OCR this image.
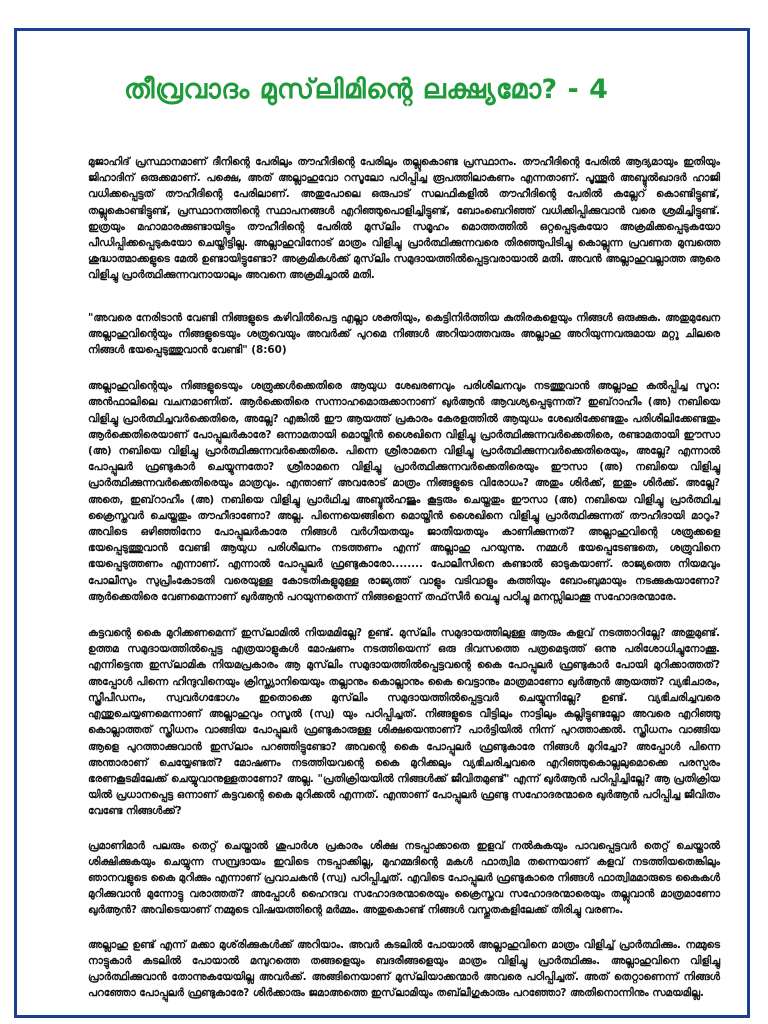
തീവ്രവാദം മുസ്‌ലിമിന്റെ ലക്ഷ്യമോ? - 4

മുജാഹിദ് പ്രസ്ഥാനമാണ് ദീനിന്റെ പേരിലും തൗഹീദിന്റെ പേരിലും തല്ലുകൊണ്ട പ്രസ്ഥാനം. തൗഹീദിന്റെ പേരിൽ ആദ്യമായും ഇതിയും ജിഹാദിന് ഒരുക്കമാണ്. പക്ഷെ, അത് അല്ലാഹുവോ റസൂലോ പഠിപ്പിച്ച രൂപത്തിലാകണം എന്നതാണ്. പൂന്തൂർ അബ്ദുൽഖാദർ ഹാജി വധിക്കപ്പെട്ടത് തൗഹീദിന്റെ പേരിലാണ്. അതുപോലെ ഒരുപാട് സലഫികളിൽ തൗഹീദിന്റെ പേരിൽ കല്ലേറ് കൊണ്ടിട്ടുണ്ട്, തല്ലുകൊണ്ടിട്ടുണ്ട്, പ്രസ്ഥാനത്തിന്റെ സ്ഥാപനങ്ങൾ എറിഞ്ഞുപൊളിച്ചിട്ടുണ്ട്, ബോംബെറിഞ്ഞ് വധിക്കിപ്പിക്കുവാൻ വരെ ശ്രമിച്ചിട്ടുണ്ട്. ഇത്രയും മഹാമാരക്കുണ്ടായിട്ടും തൗഹീദിന്റെ പേരിൽ മുസ്‌ലിം സമൂഹം മൊത്തത്തിൽ ഒറ്റപ്പെടുകയോ അക്രമിക്കപ്പെടുകയോ പീഡിപ്പിക്കപ്പെടുകയോ ചെയ്തിട്ടില്ല. അല്ലാഹുവിനോട് മാത്രം വിളിച്ചു പ്രാർത്ഥിക്കുന്നവരെ തിരഞ്ഞുപിടിച്ചു കൊല്ലുന്ന പ്രവണത മുമ്പത്തെ ശുദ്ധാത്മാക്കളുടെ മേൽ ഉണ്ടായിട്ടുണ്ടോ? അക്രമികൾക്ക് മുസ്‌ലിം സമുദായത്തിൽപ്പെട്ടവരായാൽ മതി. അവൻ അല്ലാഹുവല്ലാത്ത ആരെ വിളിച്ചു പ്രാർത്ഥിക്കുന്നവനായാലും അവനെ അക്രമിച്ചാൽ മതി.

"അവരെ നേരിടാൻ വേണ്ടി നിങ്ങളുടെ കഴിവിൽപെട്ട എല്ലാ ശക്തിയും, കെട്ടിനിർത്തിയ കുതിരകളെയും നിങ്ങൾ ഒരുക്കുക. അതുമുഖേന അല്ലാഹുവിന്റെയും നിങ്ങളുടെയും ശത്രുവെയും അവർക്ക് പുറമെ നിങ്ങൾ അറിയാത്തവരും അല്ലാഹു അറിയുന്നവരുമായ മറ്റു ചിലരെ നിങ്ങൾ ഭയപ്പെടുത്തുവാൻ വേണ്ടി" (8:60)

അല്ലാഹുവിന്റെയും നിങ്ങളുടെയും ശത്രുക്കൾക്കെതിരെ ആയുധ ശേഖരണവും പരിശീലനവും നടത്തുവാൻ അല്ലാഹു കൽപ്പിച്ച സൂറ: അൻഫാലിലെ വചനമാണിത്. ആർക്കെതിരെ സന്നാഹമൊരുക്കാനാണ് ഖുർആൻ ആവശ്യപ്പെടുന്നത്? ഇബ്‌റാഹീം (അ) നബിയെ വിളിച്ചു പ്രാർത്ഥിച്ചവർക്കെതിരെ, അല്ലേ? എങ്കിൽ ഈ ആയത്ത് പ്രകാരം കേരളത്തിൽ ആയുധം ശേഖരിക്കേണ്ടതും പരിശീലിക്കേണ്ടതും ആർക്കെതിരെയാണ് പോപ്പുലർകാരേ? ഒന്നാമതായി മൊയ്തീൻ ശൈഖിനെ വിളിച്ചു പ്രാർത്ഥിക്കുന്നവർക്കെതിരെ, രണ്ടാമതായി ഈസാ (അ) നബിയെ വിളിച്ചു പ്രാർത്ഥിക്കുന്നവർക്കെതിരെ. പിന്നെ ശ്രീരാമനെ വിളിച്ചു പ്രാർത്ഥിക്കുന്നവർക്കെതിരെയും, അല്ലേ? എന്നാൽ പോപ്പുലർ ഫ്രണ്ടുകാർ ചെയ്യുന്നതോ? ശ്രീരാമനെ വിളിച്ചു പ്രാർത്ഥിക്കുന്നവർക്കെതിരെയും ഈസാ (അ) നബിയെ വിളിച്ചു പ്രാർത്ഥിക്കുന്നവർക്കെതിരെയും മാത്രവും. എന്താണ് അവരോട് മാത്രം നിങ്ങളുടെ വിരോധം? അതും ശിർക്ക്, ഇതും ശിർക്ക്. അല്ലേ? അതെ, ഇബ്‌റാഹീം (അ) നബിയെ വിളിച്ചു പ്രാർഥിച്ച അബ്ദുൽഹജും കൂട്ടരും ചെയ്തതും ഈസാ (അ) നബിയെ വിളിച്ചു പ്രാർത്ഥിച്ച ക്രൈസ്തവർ ചെയ്തതും തൗഹീദാണോ? അല്ല. പിന്നെയെങ്ങിനെ മൊയ്തീൻ ശൈഖിനെ വിളിച്ചു പ്രാർത്ഥിക്കുന്നത് തൗഹീദായി മാറും? അവിടെ ഒഴിഞ്ഞിനോ പോപ്പുലർകാരേ നിങ്ങൾ വർഗീയതയും ജാതീയതയും കാണിക്കുന്നത്? അല്ലാഹുവിന്റെ ശത്രുക്കളെ ഭയപ്പെടുത്തുവാൻ വേണ്ടി ആയുധ പരിശീലനം നടത്തണം എന്ന് അല്ലാഹു പറയുന്നു. നമ്മൾ ഭയപ്പെടേണ്ടതെ, ശത്രുവിനെ ഭയപ്പെടുത്തണം എന്നാണ്. എന്നാൽ പോപ്പുലർ ഫ്രണ്ടുകാരോ........ പോലീസിനെ കണ്ടാൽ ഓടുകയാണ്. രാജ്യത്തെ നിയമവും പോലീസും സുപ്രീംകോടതി വരെയുള്ള കോടതികളുമുള്ള രാജ്യത്ത് വാളും വടിവാളും കത്തിയും ബോംബുമായും നടക്കുകയാണോ? ആർക്കെതിരെ വേണമെന്നാണ് ഖുർആൻ പറയുന്നതെന്ന് നിങ്ങളൊന്ന് തഫ്‌സീർ വെച്ചു പഠിച്ചു മനസ്സിലാക്കൂ സഹോദരന്മാരേ.

കട്ടവന്റെ കൈ മുറിക്കണമെന്ന് ഇസ്‌ലാമിൽ നിയമമില്ലേ? ഉണ്ട്. മുസ്‌ലിം സമുദായത്തിലുള്ള ആരും കളവ് നടത്താറില്ലേ? അതുമുണ്ട്. ഉത്തമ സമുദായത്തിൽപ്പെട്ട എത്രയാളുകൾ മോഷണം നടത്തിയെന്ന് ഒരു ദിവസത്തെ പത്രമെടുത്ത് ഒന്നു പരിശോധിച്ചുനോക്കൂ. എന്നിട്ടെന്ത ഇസ്‌ലാമിക നിയമപ്രകാരം ആ മുസ്‌ലിം സമുദായത്തിൽപ്പെട്ടവന്റെ കൈ പോപ്പുലർ ഫ്രണ്ടുകാർ പോയി മുറിക്കാത്തത്? അപ്പോൾ പിന്നെ ഹിന്ദുവിനെയും ക്രിസ്ത്യാനിയെയും തല്ലാനും കൊല്ലാനും കൈ വെട്ടാനും മാത്രമാണോ ഖുർആൻ ആയത്ത്? വ്യഭിചാരം, സ്ത്രീപീഡനം, സ്വവർഗഭോഗം ഇതൊക്കെ മുസ്‌ലിം സമുദായത്തിൽപ്പെട്ടവർ ചെയ്യുന്നില്ലേ? ഉണ്ട്. വ്യഭിചരിച്ചവരെ എന്തുചെയ്യണമെന്നാണ് അല്ലാഹുവും റസൂൽ (സ്വ) യും പഠിപ്പിച്ചത്. നിങ്ങളുടെ വീട്ടിലും നാട്ടിലും കല്ലിട്ടുണ്ടല്ലോ അവരെ എറിഞ്ഞു കൊല്ലാത്തത് സ്ത്രീധനം വാങ്ങിയ പോപ്പുലർ ഫ്രണ്ടുകാരുള്ള ശിക്ഷയെന്താണ്? പാർട്ടിയിൽ നിന്ന് പുറത്താക്കൽ. സ്ത്രീധനം വാങ്ങിയ ആളെ പുറത്താക്കുവാൻ ഇസ്‌ലാം പറഞ്ഞിട്ടുണ്ടോ? അവന്റെ കൈ പോപ്പുലർ ഫ്രണ്ടുകാരേ നിങ്ങൾ മുറിച്ചോ? അപ്പോൾ പിന്നെ അന്താരാണ് ചെയ്യേണ്ടത്? മോഷണം നടത്തിയവന്റെ കൈ മുറിക്കലും വ്യഭിചരിച്ചവരെ എറിഞ്ഞുകൊല്ലലുമൊക്കെ പരസ്പരം ഭരണകൂടമിലേക്ക് ചെയ്യുവാനുള്ളതാണോ? അല്ല. "പ്രതിക്രിയയിൽ നിങ്ങൾക്ക് ജീവിതമുണ്ട്" എന്ന് ഖുർആൻ പഠിപ്പിച്ചില്ലേ? ആ പ്രതിക്രിയ യിൽ പ്രധാനപ്പെട്ട ഒന്നാണ് കട്ടവന്റെ കൈ മുറിക്കൽ എന്നത്. എന്താണ് പോപ്പുലർ ഫ്രണ്ടു സഹോദരന്മാരെ ഖുർആൻ പഠിപ്പിച്ച ജീവിതം വേണ്ടേ നിങ്ങൾക്ക്?

പ്രമാണിമാർ പലരും തെറ്റ് ചെയ്താൽ ശുപാർശ പ്രകാരം ശിക്ഷ നടപ്പാക്കാതെ ഇളവ് നൽകുകയും പാവപ്പെട്ടവർ തെറ്റ് ചെയ്താൽ ശിക്ഷിക്കുകയും ചെയ്യുന്ന സമ്പ്രദായം ഇവിടെ നടപ്പാക്കില്ല, മുഹമ്മദിന്റെ മകൾ ഫാത്വിമ തന്നെയാണ് കളവ് നടത്തിയതെങ്കിലും ഞാനവളുടെ കൈ മുറിക്കും എന്നാണ് പ്രവാചകൻ (സ്വ) പഠിപ്പിച്ചത്. എവിടെ പോപ്പുലർ ഫ്രണ്ടുകാരെ നിങ്ങൾ ഫാത്വിമമാരുടെ കൈകൾ മുറിക്കുവാൻ മുന്നോട്ടു വരാത്തത്? അപ്പോൾ ഹൈന്ദവ സഹോദരന്മാരെയും ക്രൈസ്തവ സഹോദരന്മാരെയും തല്ലുവാൻ മാത്രമാണോ ഖുർആൻ? അവിടെയാണ് നമ്മുടെ വിഷയത്തിന്റെ മർമ്മം. അതുകൊണ്ട് നിങ്ങൾ വസ്തുതകളിലേക്ക് തിരിച്ചു വരണം.

അല്ലാഹു ഉണ്ട് എന്ന് മക്കാ മുശ്‌രിക്കുകൾക്ക് അറിയാം. അവർ കടലിൽ പോയാൽ അല്ലാഹുവിനെ മാത്രം വിളിച്ച് പ്രാർത്ഥിക്കും. നമ്മുടെ നാട്ടുകാർ കടലിൽ പോയാൽ മമ്പുറത്തെ തങ്ങളെയും ബദരീങ്ങളെയും മാത്രം വിളിച്ചു പ്രാർത്ഥിക്കും. അല്ലാഹുവിനെ വിളിച്ചു പ്രാർത്ഥിക്കുവാൻ തോന്നുകയേയില്ല അവർക്ക്. അങ്ങിനെയാണ് മുസ്‌ലിയാക്കന്മാർ അവരെ പഠിപ്പിച്ചത്. അത് തെറ്റാണെന്ന് നിങ്ങൾ പറഞ്ഞോ പോപ്പുലർ ഫ്രണ്ടുകാരേ? ശിർക്കാരും ജമാഅത്തെ ഇസ്‌ലാമിയും തബ്‌ലീഗുകാരും പറഞ്ഞോ? അതിനൊന്നിനും സമയമില്ല.
